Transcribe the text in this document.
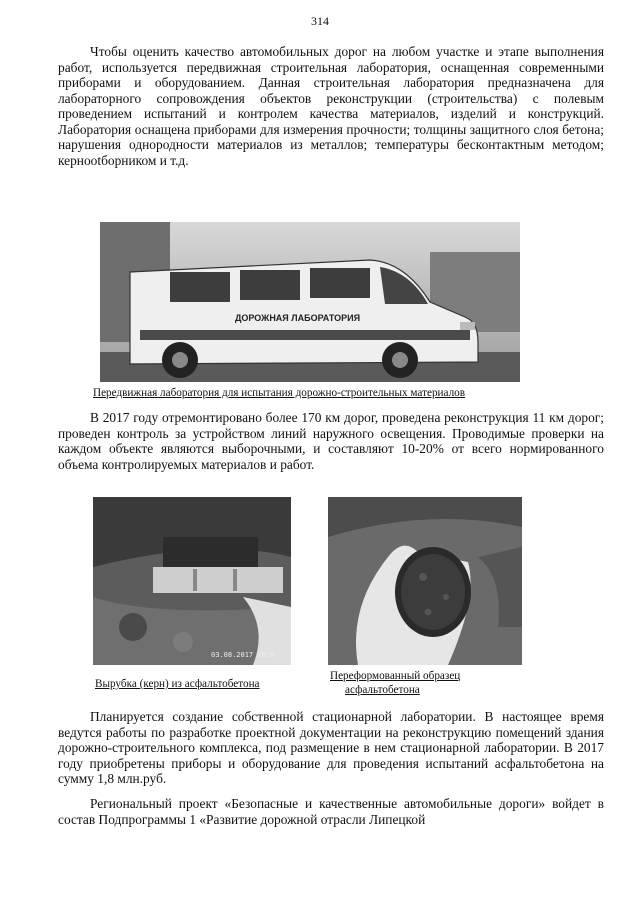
314

Чтобы оценить качество автомобильных дорог на любом участке и этапе выполнения работ, используется передвижная строительная лаборатория, оснащенная современными приборами и оборудованием. Данная строительная лаборатория предназначена для лабораторного сопровождения объектов реконструкции (строительства) с полевым проведением испытаний и контролем качества материалов, изделий и конструкций. Лаборатория оснащена приборами для измерения прочности; толщины защитного слоя бетона; нарушения однородности материалов из металлов; температуры бесконтактным методом; кернootборником и т.д.

ДОРОЖНАЯ ЛАБОРАТОРИЯ
Передвижная лаборатория для испытания дорожно-строительных материалов

В 2017 году отремонтировано более 170 км дорог, проведена реконструкция 11 км дорог; проведен контроль за устройством линий наружного освещения. Проводимые проверки на каждом объекте являются выборочными, и составляют 10-20% от всего нормированного объема контролируемых материалов и работ.

03.08.2017 10:0
Вырубка (керн) из асфальтобетона
Переформованный образец
асфальтобетона

Планируется создание собственной стационарной лаборатории. В настоящее время ведутся работы по разработке проектной документации на реконструкцию помещений здания дорожно-строительного комплекса, под размещение в нем стационарной лаборатории. В 2017 году приобретены приборы и оборудование для проведения испытаний асфальтобетона на сумму 1,8 млн.руб.

Региональный проект «Безопасные и качественные автомобильные дороги» войдет в состав Подпрограммы 1 «Развитие дорожной отрасли Липецкой
